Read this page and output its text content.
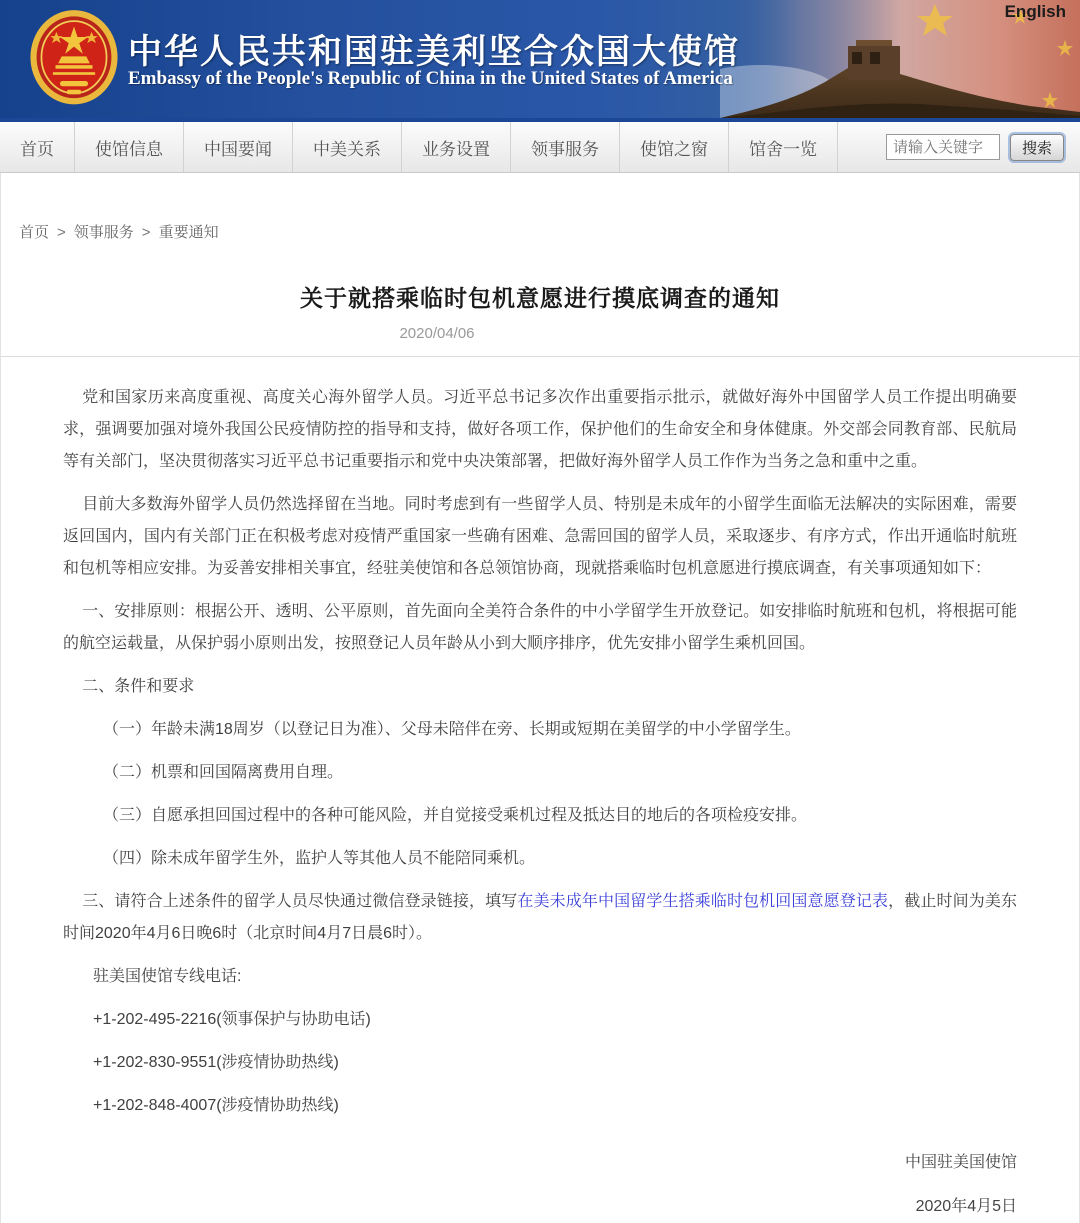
中华人民共和国驻美利坚合众国大使馆
Embassy of the People's Republic of China in the United States of America
English
首页	使馆信息	中国要闻	中美关系	业务设置	领事服务	使馆之窗	馆舍一览
请输入关键字	搜索
首页 > 领事服务 > 重要通知
关于就搭乘临时包机意愿进行摸底调查的通知
2020/04/06

党和国家历来高度重视、高度关心海外留学人员。习近平总书记多次作出重要指示批示，就做好海外中国留学人员工作提出明确要求，强调要加强对境外我国公民疫情防控的指导和支持，做好各项工作，保护他们的生命安全和身体健康。外交部会同教育部、民航局等有关部门，坚决贯彻落实习近平总书记重要指示和党中央决策部署，把做好海外留学人员工作作为当务之急和重中之重。

目前大多数海外留学人员仍然选择留在当地。同时考虑到有一些留学人员、特别是未成年的小留学生面临无法解决的实际困难，需要返回国内，国内有关部门正在积极考虑对疫情严重国家一些确有困难、急需回国的留学人员，采取逐步、有序方式，作出开通临时航班和包机等相应安排。为妥善安排相关事宜，经驻美使馆和各总领馆协商，现就搭乘临时包机意愿进行摸底调查，有关事项通知如下：

一、安排原则：根据公开、透明、公平原则，首先面向全美符合条件的中小学留学生开放登记。如安排临时航班和包机，将根据可能的航空运载量，从保护弱小原则出发，按照登记人员年龄从小到大顺序排序，优先安排小留学生乘机回国。

二、条件和要求

（一）年龄未满18周岁（以登记日为准）、父母未陪伴在旁、长期或短期在美留学的中小学留学生。

（二）机票和回国隔离费用自理。

（三）自愿承担回国过程中的各种可能风险，并自觉接受乘机过程及抵达目的地后的各项检疫安排。

（四）除未成年留学生外，监护人等其他人员不能陪同乘机。

三、请符合上述条件的留学人员尽快通过微信登录链接，填写在美未成年中国留学生搭乘临时包机回国意愿登记表，截止时间为美东时间2020年4月6日晚6时（北京时间4月7日晨6时）。

驻美国使馆专线电话:

+1-202-495-2216(领事保护与协助电话)

+1-202-830-9551(涉疫情协助热线)

+1-202-848-4007(涉疫情协助热线)

中国驻美国使馆
2020年4月5日
